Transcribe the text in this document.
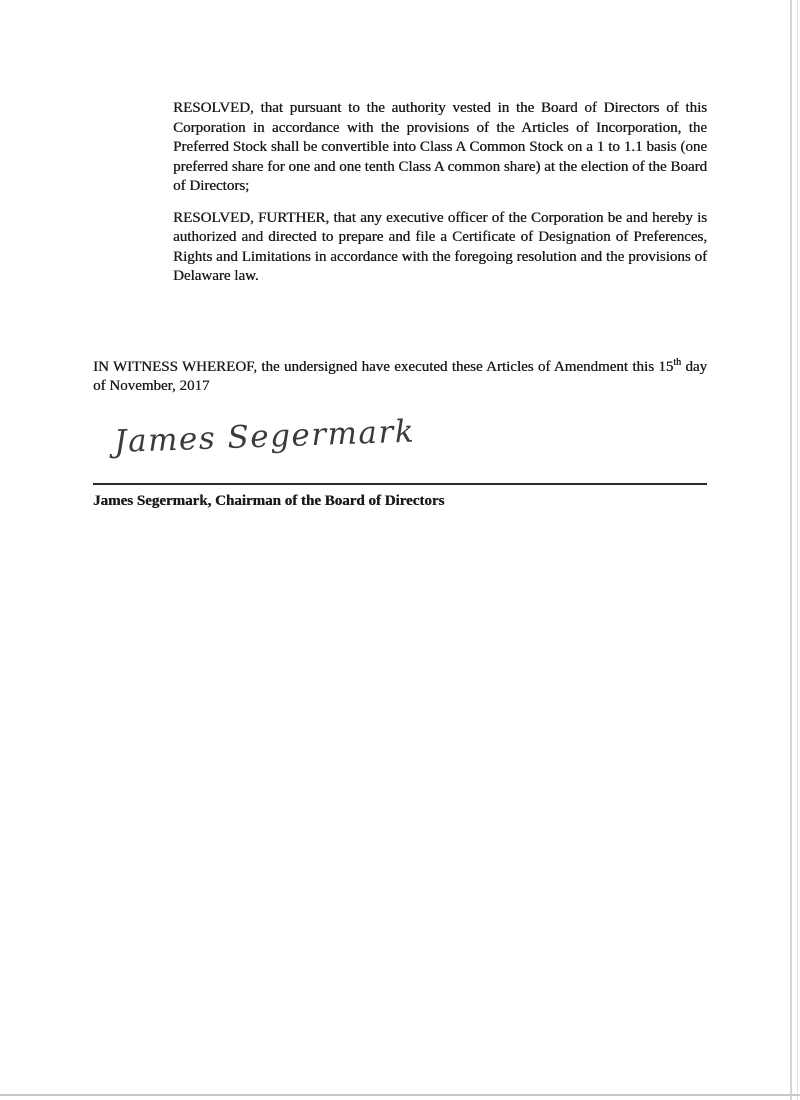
RESOLVED, that pursuant to the authority vested in the Board of Directors of this Corporation in accordance with the provisions of the Articles of Incorporation, the Preferred Stock shall be convertible into Class A Common Stock on a 1 to 1.1 basis (one preferred share for one and one tenth Class A common share) at the election of the Board of Directors;

RESOLVED, FURTHER, that any executive officer of the Corporation be and hereby is authorized and directed to prepare and file a Certificate of Designation of Preferences, Rights and Limitations in accordance with the foregoing resolution and the provisions of Delaware law.

IN WITNESS WHEREOF, the undersigned have executed these Articles of Amendment this 15th day of November, 2017

James Segermark
James Segermark, Chairman of the Board of Directors
